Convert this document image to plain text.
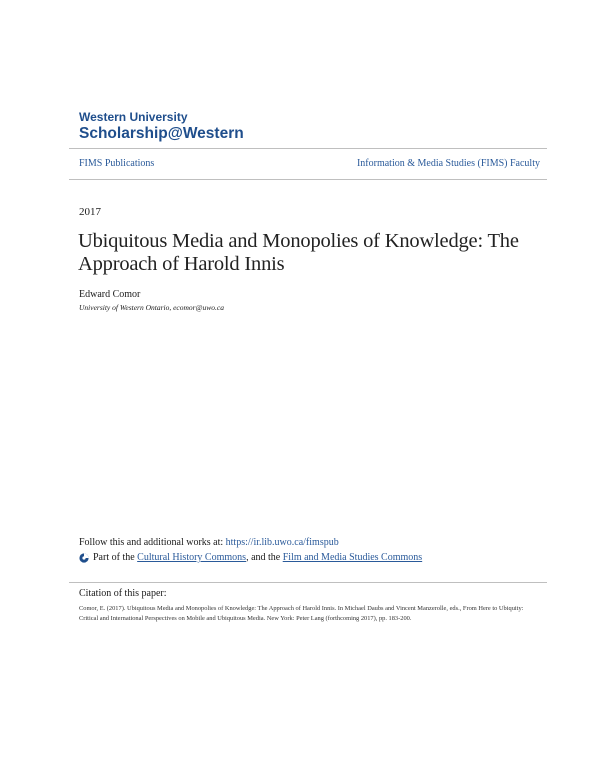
Western University
Scholarship@Western
FIMS Publications	Information & Media Studies (FIMS) Faculty
2017
Ubiquitous Media and Monopolies of Knowledge: The Approach of Harold Innis
Edward Comor
University of Western Ontario, ecomor@uwo.ca
Follow this and additional works at: https://ir.lib.uwo.ca/fimspub
Part of the
Cultural History Commons , and the
Film and Media Studies Commons
Citation of this paper:
Comor, E. (2017). Ubiquitous Media and Monopolies of Knowledge: The Approach of Harold Innis. In Michael Daubs and Vincent Manzerolle, eds., From Here to Ubiquity: Critical and International Perspectives on Mobile and Ubiquitous Media. New York: Peter Lang (forthcoming 2017), pp. 183-200.
